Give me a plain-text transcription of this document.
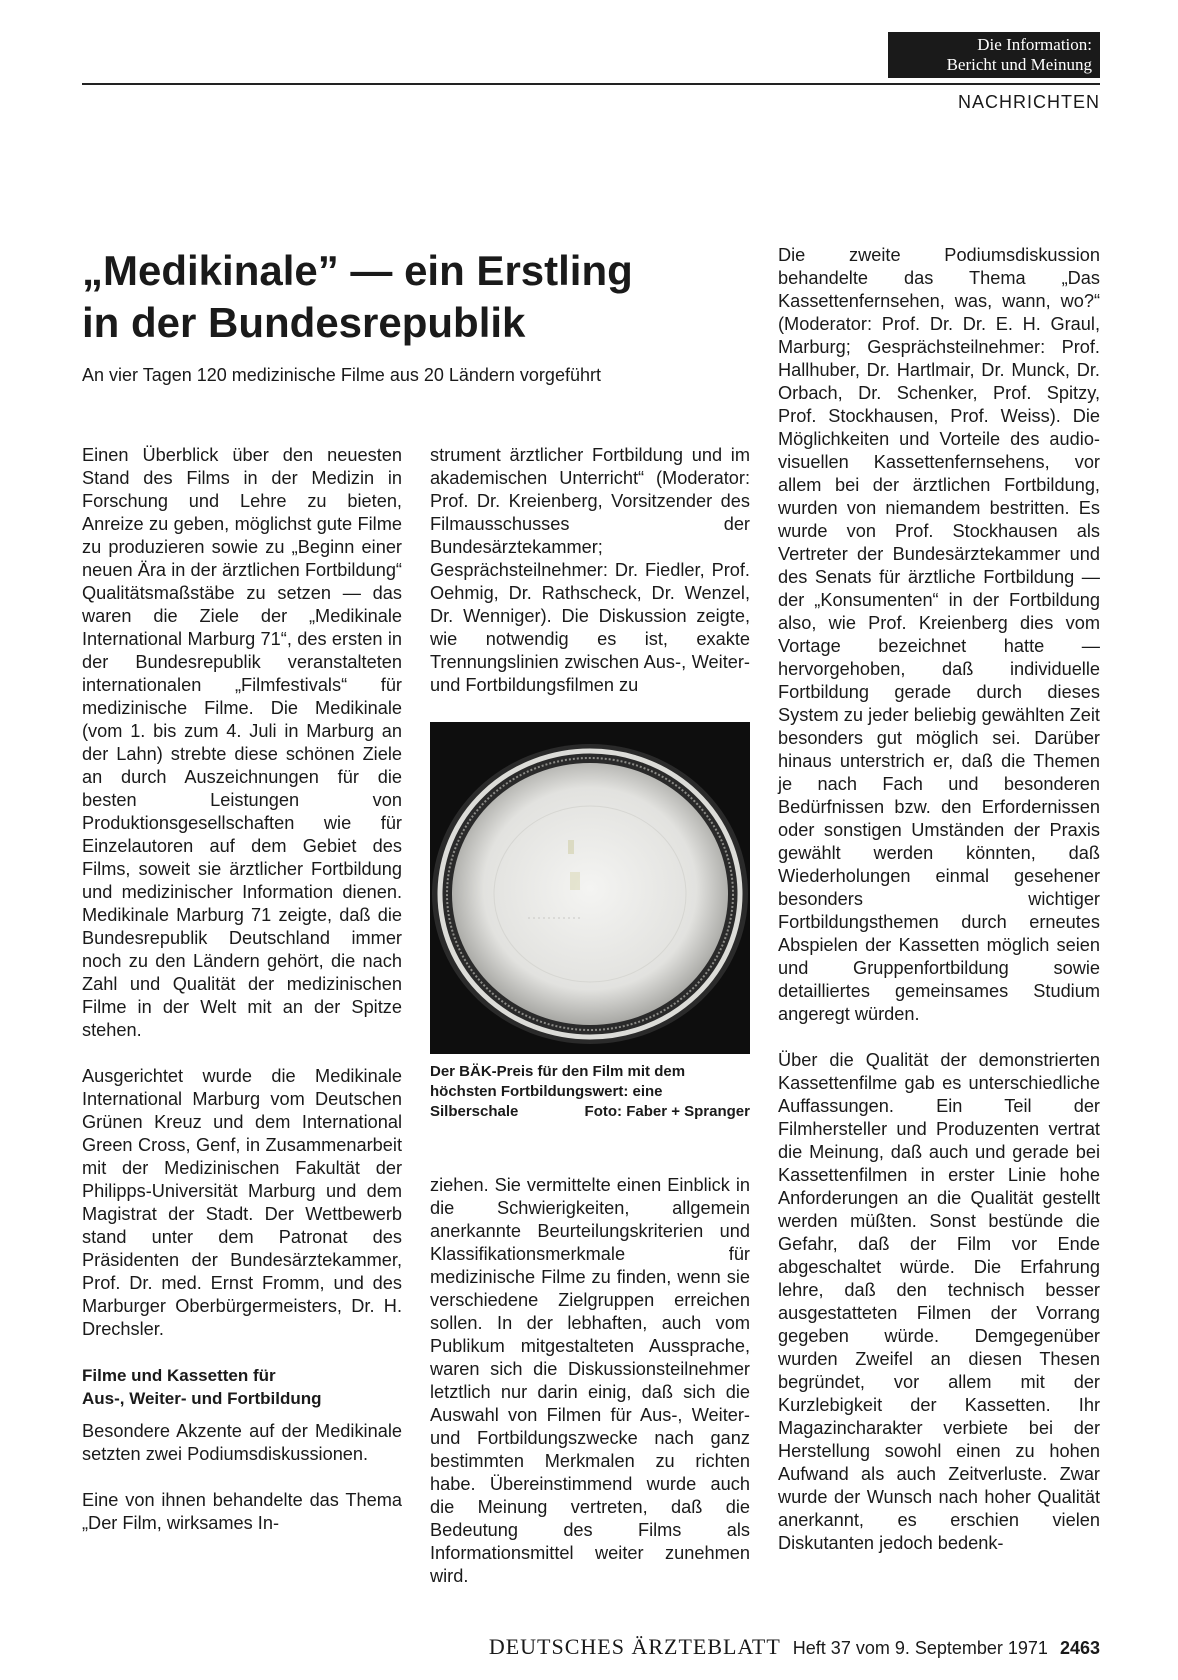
Die Information:
Bericht und Meinung
NACHRICHTEN
„Medikinale” — ein Erstling
in der Bundesrepublik
An vier Tagen 120 medizinische Filme aus 20 Ländern vorgeführt

Einen Überblick über den neuesten Stand des Films in der Medizin in Forschung und Lehre zu bieten, Anreize zu geben, möglichst gute Filme zu produzieren sowie zu „Beginn einer neuen Ära in der ärztlichen Fortbildung“ Qualitätsmaßstäbe zu setzen — das waren die Ziele der „Medikinale International Marburg 71“, des ersten in der Bundesrepublik veranstalteten internationalen „Filmfestivals“ für medizinische Filme. Die Medikinale (vom 1. bis zum 4. Juli in Marburg an der Lahn) strebte diese schönen Ziele an durch Auszeichnungen für die besten Leistungen von Produktionsgesellschaften wie für Einzelautoren auf dem Gebiet des Films, soweit sie ärztlicher Fortbildung und medizinischer Information dienen. Medikinale Marburg 71 zeigte, daß die Bundesrepublik Deutschland immer noch zu den Ländern gehört, die nach Zahl und Qualität der medizinischen Filme in der Welt mit an der Spitze stehen.

Ausgerichtet wurde die Medikinale International Marburg vom Deutschen Grünen Kreuz und dem International Green Cross, Genf, in Zusammenarbeit mit der Medizinischen Fakultät der Philipps-Universität Marburg und dem Magistrat der Stadt. Der Wettbewerb stand unter dem Patronat des Präsidenten der Bundesärztekammer, Prof. Dr. med. Ernst Fromm, und des Marburger Oberbürgermeisters, Dr. H. Drechsler.

Filme und Kassetten für
Aus-, Weiter- und Fortbildung

Besondere Akzente auf der Medikinale setzten zwei Podiumsdiskussionen.

Eine von ihnen behandelte das Thema „Der Film, wirksames In-

strument ärztlicher Fortbildung und im akademischen Unterricht“ (Moderator: Prof. Dr. Kreienberg, Vorsitzender des Filmausschusses der Bundesärztekammer; Gesprächsteilnehmer: Dr. Fiedler, Prof. Oehmig, Dr. Rathscheck, Dr. Wenzel, Dr. Wenniger). Die Diskussion zeigte, wie notwendig es ist, exakte Trennungslinien zwischen Aus-, Weiter- und Fortbildungsfilmen zu

Der BÄK-Preis für den Film mit dem höchsten Fortbildungswert: eine Silberschale	Foto: Faber + Spranger

ziehen. Sie vermittelte einen Einblick in die Schwierigkeiten, allgemein anerkannte Beurteilungskriterien und Klassifikationsmerkmale für medizinische Filme zu finden, wenn sie verschiedene Zielgruppen erreichen sollen. In der lebhaften, auch vom Publikum mitgestalteten Aussprache, waren sich die Diskussionsteilnehmer letztlich nur darin einig, daß sich die Auswahl von Filmen für Aus-, Weiter- und Fortbildungszwecke nach ganz bestimmten Merkmalen zu richten habe. Übereinstimmend wurde auch die Meinung vertreten, daß die Bedeutung des Films als Informationsmittel weiter zunehmen wird.

Die zweite Podiumsdiskussion behandelte das Thema „Das Kassettenfernsehen, was, wann, wo?“ (Moderator: Prof. Dr. Dr. E. H. Graul, Marburg; Gesprächsteilnehmer: Prof. Hallhuber, Dr. Hartlmair, Dr. Munck, Dr. Orbach, Dr. Schenker, Prof. Spitzy, Prof. Stockhausen, Prof. Weiss). Die Möglichkeiten und Vorteile des audio-visuellen Kassettenfernsehens, vor allem bei der ärztlichen Fortbildung, wurden von niemandem bestritten. Es wurde von Prof. Stockhausen als Vertreter der Bundesärztekammer und des Senats für ärztliche Fortbildung — der „Konsumenten“ in der Fortbildung also, wie Prof. Kreienberg dies vom Vortage bezeichnet hatte — hervorgehoben, daß individuelle Fortbildung gerade durch dieses System zu jeder beliebig gewählten Zeit besonders gut möglich sei. Darüber hinaus unterstrich er, daß die Themen je nach Fach und besonderen Bedürfnissen bzw. den Erfordernissen oder sonstigen Umständen der Praxis gewählt werden könnten, daß Wiederholungen einmal gesehener besonders wichtiger Fortbildungsthemen durch erneutes Abspielen der Kassetten möglich seien und Gruppenfortbildung sowie detailliertes gemeinsames Studium angeregt würden.

Über die Qualität der demonstrierten Kassettenfilme gab es unterschiedliche Auffassungen. Ein Teil der Filmhersteller und Produzenten vertrat die Meinung, daß auch und gerade bei Kassettenfilmen in erster Linie hohe Anforderungen an die Qualität gestellt werden müßten. Sonst bestünde die Gefahr, daß der Film vor Ende abgeschaltet würde. Die Erfahrung lehre, daß den technisch besser ausgestatteten Filmen der Vorrang gegeben würde. Demgegenüber wurden Zweifel an diesen Thesen begründet, vor allem mit der Kurzlebigkeit der Kassetten. Ihr Magazincharakter verbiete bei der Herstellung sowohl einen zu hohen Aufwand als auch Zeitverluste. Zwar wurde der Wunsch nach hoher Qualität anerkannt, es erschien vielen Diskutanten jedoch bedenk-

DEUTSCHES ÄRZTEBLATT Heft 37 vom 9. September 1971 2463
